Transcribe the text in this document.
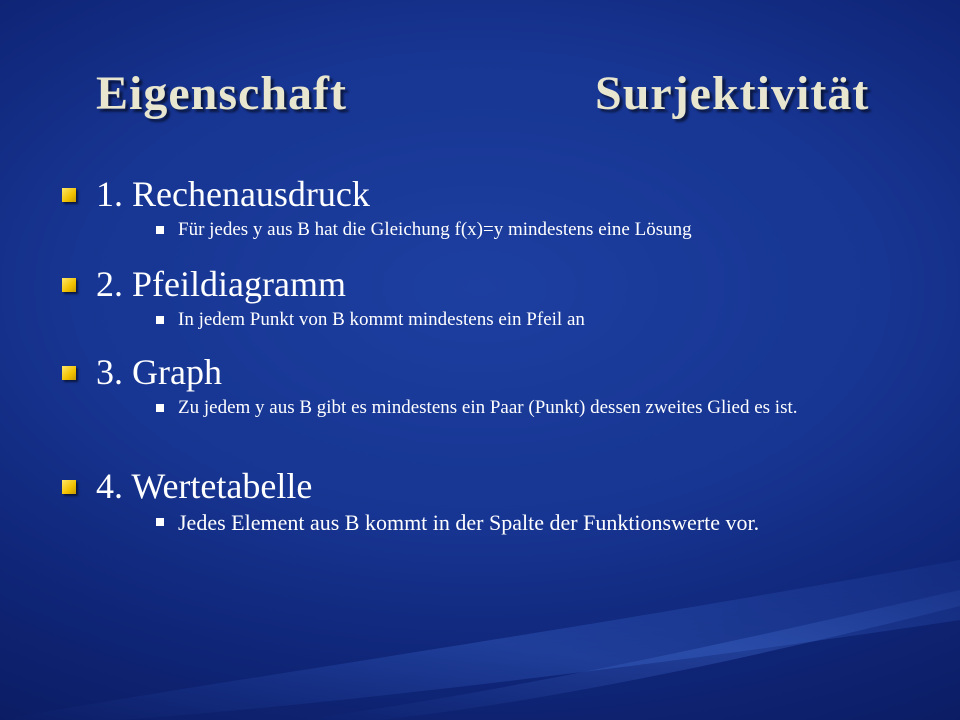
Eigenschaft	Surjektivität
1. Rechenausdruck
Für jedes y aus B hat die Gleichung f(x)=y mindestens eine Lösung
2. Pfeildiagramm
In jedem Punkt von B kommt mindestens ein Pfeil an
3. Graph
Zu jedem y aus B gibt es mindestens ein Paar (Punkt) dessen zweites Glied es ist.
4. Wertetabelle
Jedes Element aus B kommt in der Spalte der Funktionswerte vor.
